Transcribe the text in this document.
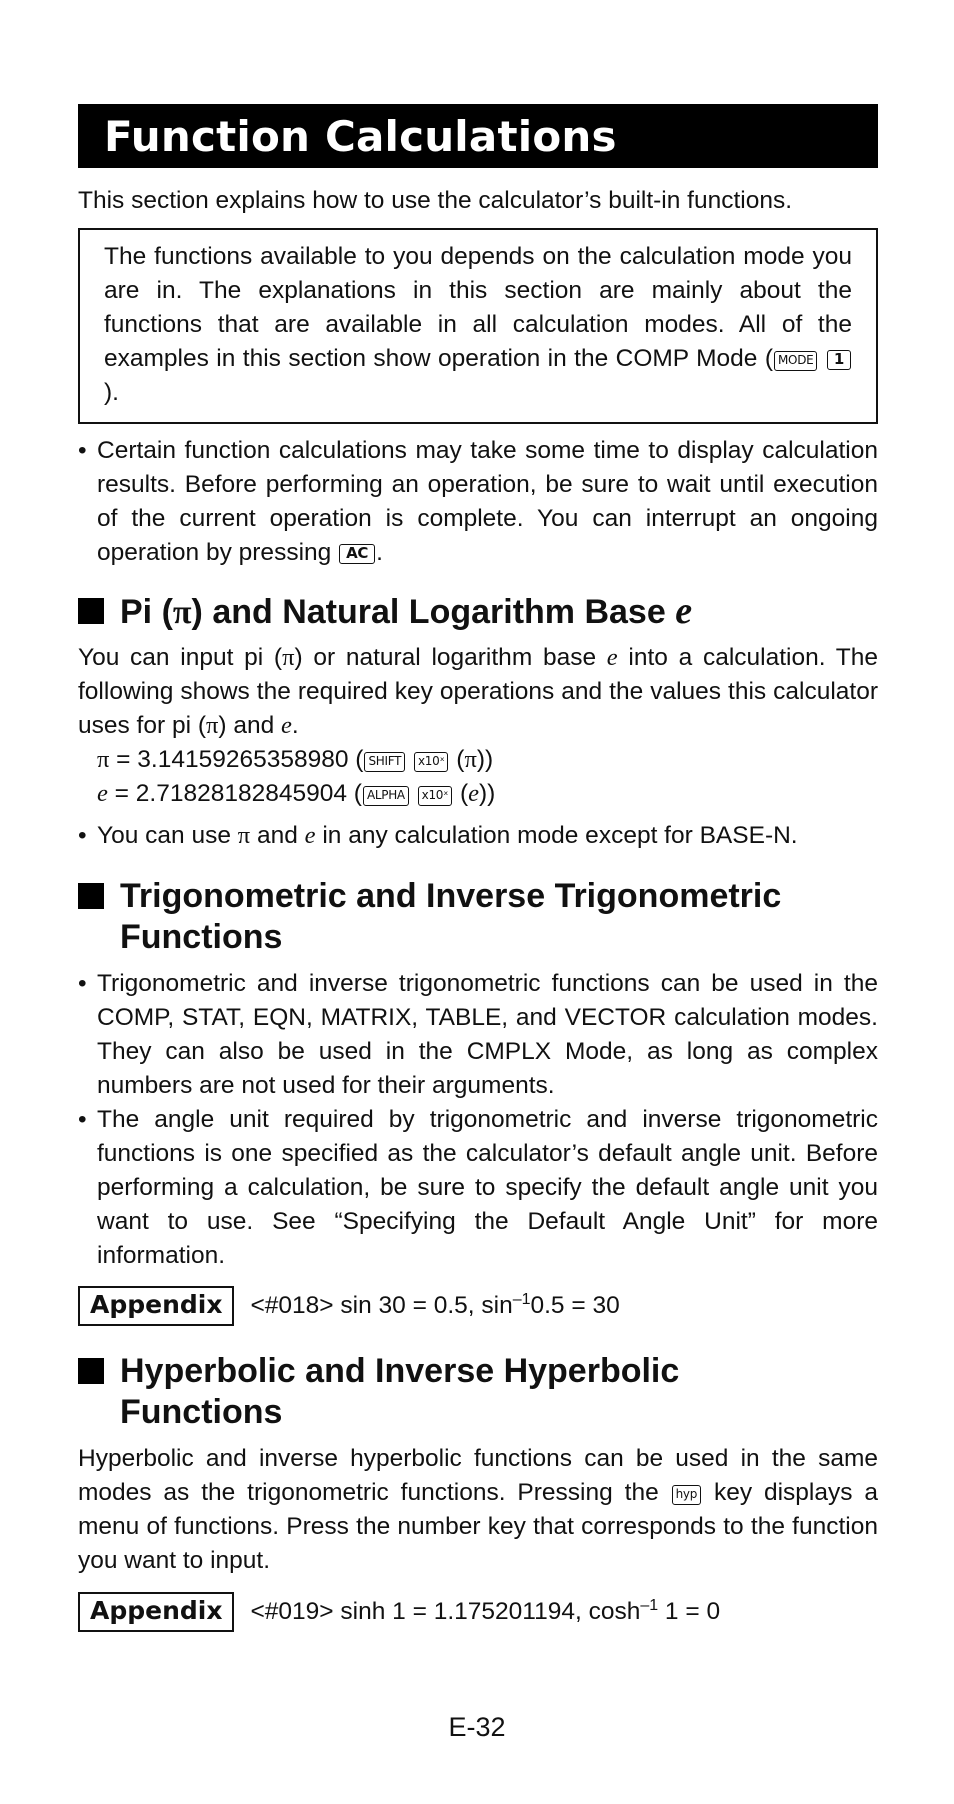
Function Calculations

This section explains how to use the calculator’s built-in functions.

The functions available to you depends on the calculation mode you are in. The explanations in this section are mainly about the functions that are available in all calculation modes. All of the examples in this section show operation in the COMP Mode ( MODE 1).

• Certain function calculations may take some time to display calculation results. Before performing an operation, be sure to wait until execution of the current operation is complete. You can interrupt an ongoing operation by pressing AC .
Pi (π) and Natural Logarithm Base e

You can input pi (π) or natural logarithm base e into a calculation. The following shows the required key operations and the values this calculator uses for pi (π) and e.

π = 3.14159265358980 ( SHIFT x10ˣ (π))

e = 2.71828182845904 ( ALPHA x10ˣ (e))

• You can use π and e in any calculation mode except for BASE-N.
Trigonometric and Inverse Trigonometric Functions
• Trigonometric and inverse trigonometric functions can be used in the COMP, STAT, EQN, MATRIX, TABLE, and VECTOR calculation modes. They can also be used in the CMPLX Mode, as long as complex numbers are not used for their arguments.
• The angle unit required by trigonometric and inverse trigonometric functions is one specified as the calculator’s default angle unit. Before performing a calculation, be sure to specify the default angle unit you want to use. See “Specifying the Default Angle Unit” for more information.
Appendix	<#018> sin 30 = 0.5, $\sin^{-1}0.5 = 30$
Hyperbolic and Inverse Hyperbolic Functions

Hyperbolic and inverse hyperbolic functions can be used in the same modes as the trigonometric functions. Pressing the hyp key displays a menu of functions. Press the number key that corresponds to the function you want to input.

Appendix	<#019> sinh 1 = 1.175201194, $\cosh^{-1} 1 = 0$
E-32
